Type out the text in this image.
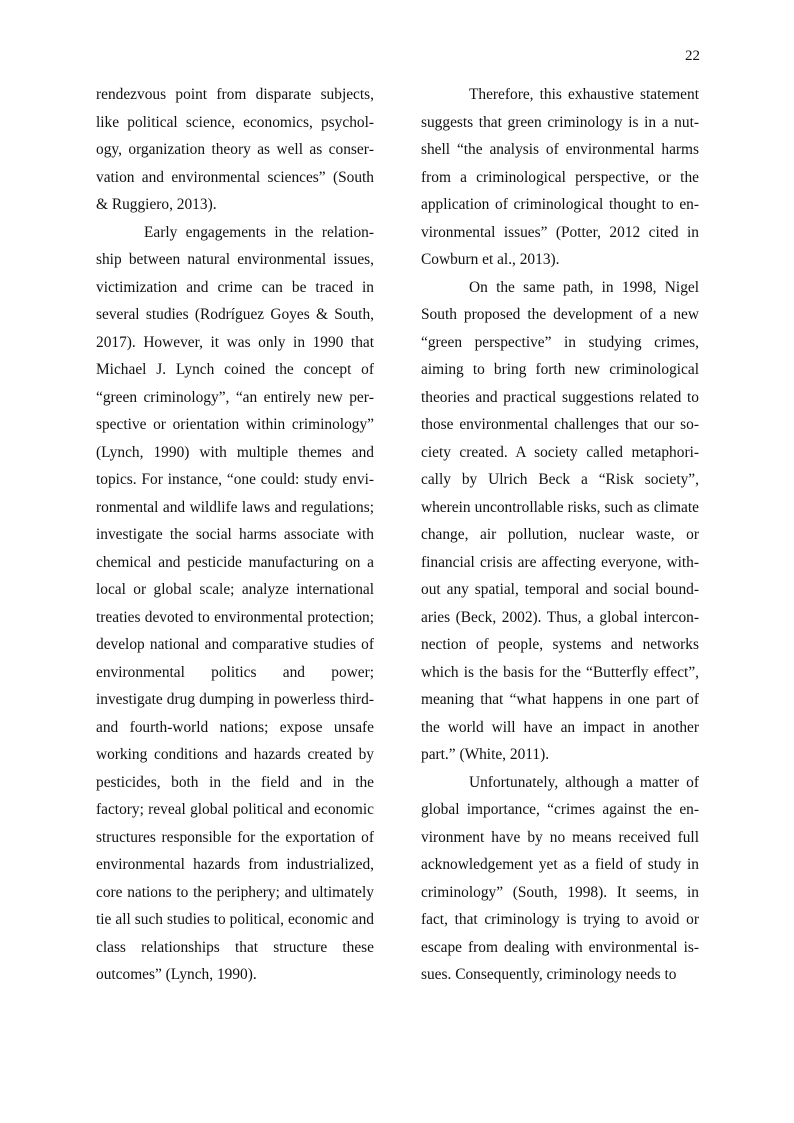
22

rendezvous point from disparate subjects, like political science, economics, psychology, organization theory as well as conservation and environmental sciences” (South & Ruggiero, 2013).

Early engagements in the relationship between natural environmental issues, victimization and crime can be traced in several studies (Rodríguez Goyes & South, 2017). However, it was only in 1990 that Michael J. Lynch coined the concept of “green criminology”, “an entirely new perspective or orientation within criminology” (Lynch, 1990) with multiple themes and topics. For instance, “one could: study environmental and wildlife laws and regulations; investigate the social harms associate with chemical and pesticide manufacturing on a local or global scale; analyze international treaties devoted to environmental protection; develop national and comparative studies of environmental politics and power; investigate drug dumping in powerless third-and fourth-world nations; expose unsafe working conditions and hazards created by pesticides, both in the field and in the factory; reveal global political and economic structures responsible for the exportation of environmental hazards from industrialized, core nations to the periphery; and ultimately tie all such studies to political, economic and class relationships that structure these outcomes” (Lynch, 1990).

Therefore, this exhaustive statement suggests that green criminology is in a nutshell “the analysis of environmental harms from a criminological perspective, or the application of criminological thought to environmental issues” (Potter, 2012 cited in Cowburn et al., 2013).

On the same path, in 1998, Nigel South proposed the development of a new “green perspective” in studying crimes, aiming to bring forth new criminological theories and practical suggestions related to those environmental challenges that our society created. A society called metaphorically by Ulrich Beck a “Risk society”, wherein uncontrollable risks, such as climate change, air pollution, nuclear waste, or financial crisis are affecting everyone, without any spatial, temporal and social boundaries (Beck, 2002). Thus, a global interconnection of people, systems and networks which is the basis for the “Butterfly effect”, meaning that “what happens in one part of the world will have an impact in another part.” (White, 2011).

Unfortunately, although a matter of global importance, “crimes against the environment have by no means received full acknowledgement yet as a field of study in criminology” (South, 1998). It seems, in fact, that criminology is trying to avoid or escape from dealing with environmental issues. Consequently, criminology needs to
